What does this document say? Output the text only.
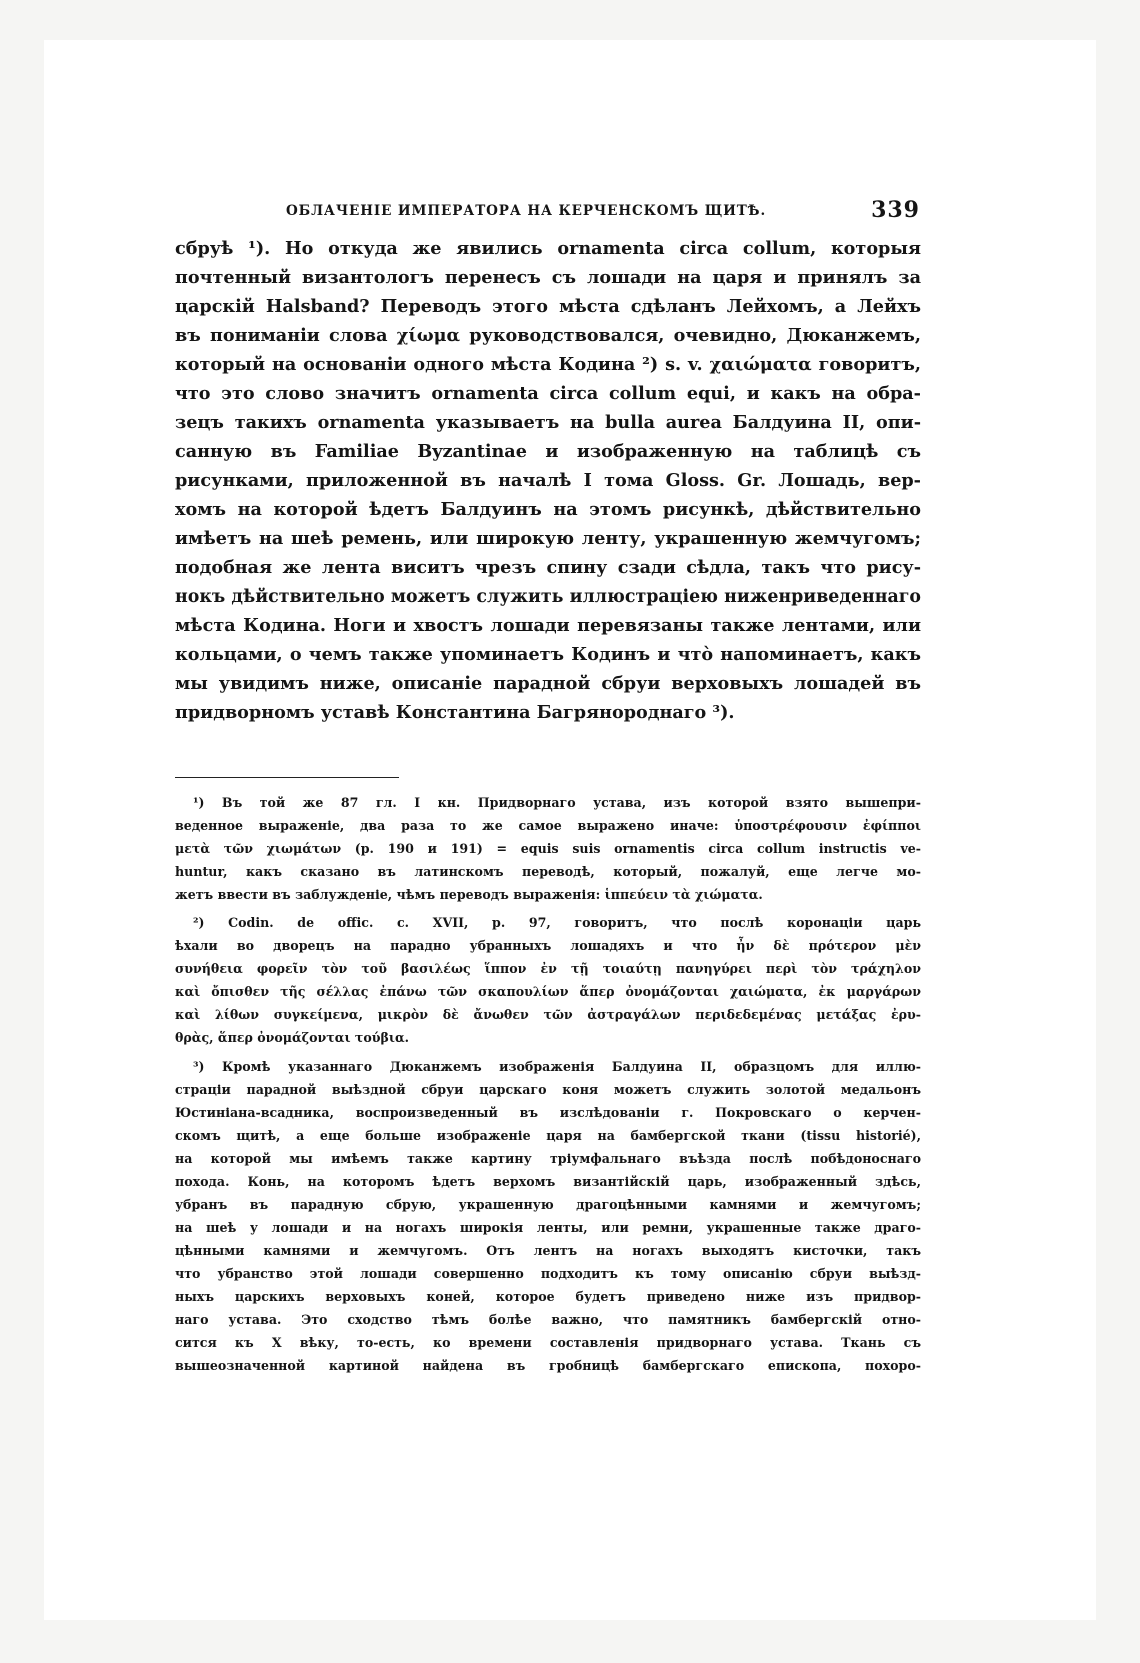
ОБЛАЧЕНІЕ ИМПЕРАТОРА НА КЕРЧЕНСКОМЪ ЩИТѢ.	339
сбруѣ ¹). Но откуда же явились ornamenta circa collum, которыя
почтенный византологъ перенесъ съ лошади на царя и принялъ за
царскій Halsband? Переводъ этого мѣста сдѣланъ Лейхомъ, а Лейхъ
въ пониманіи слова χίωμα руководствовался, очевидно, Дюканжемъ,
который на основаніи одного мѣста Кодина ²) s. v. χαιώματα говоритъ,
что это слово значитъ ornamenta circa collum equi, и какъ на обра-
зецъ такихъ ornamenta указываетъ на bulla aurea Балдуина II, опи-
санную въ Familiae Byzantinae и изображенную на таблицѣ съ
рисунками, приложенной въ началѣ I тома Gloss. Gr. Лошадь, вер-
хомъ на которой ѣдетъ Балдуинъ на этомъ рисункѣ, дѣйствительно
имѣетъ на шеѣ ремень, или широкую ленту, украшенную жемчугомъ;
подобная же лента виситъ чрезъ спину сзади сѣдла, такъ что рису-
нокъ дѣйствительно можетъ служить иллюстраціею ниженриведеннаго
мѣста Кодина. Ноги и хвостъ лошади перевязаны также лентами, или
кольцами, о чемъ также упоминаетъ Кодинъ и что̀ напоминаетъ, какъ
мы увидимъ ниже, описаніе парадной сбруи верховыхъ лошадей въ
придворномъ уставѣ Константина Багрянороднаго ³).
¹) Въ той же 87 гл. I кн. Придворнаго устава, изъ которой взято вышепри-
веденное выраженіе, два раза то же самое выражено иначе: ὑποστρέφουσιν ἐφίπποι
μετὰ τῶν χιωμάτων (p. 190 и 191) = equis suis ornamentis circa collum instructis ve-
huntur, какъ сказано въ латинскомъ переводѣ, который, пожалуй, еще легче мо-
жетъ ввести въ заблужденіе, чѣмъ переводъ выраженія: ἱππεύειν τὰ χιώματα.
²) Codin. de offic. c. XVII, p. 97, говоритъ, что послѣ коронаціи царь
ѣхали во дворецъ на парадно убранныхъ лошадяхъ и что ἦν δὲ πρότερον μὲν
συνήθεια φορεῖν τὸν τοῦ βασιλέως ἵππον ἐν τῇ τοιαύτῃ πανηγύρει περὶ τὸν τράχηλον
καὶ ὄπισθεν τῆς σέλλας ἐπάνω τῶν σκαπουλίων ἅπερ ὀνομάζονται χαιώματα, ἐκ μαργάρων
καὶ λίθων συγκείμενα, μικρὸν δὲ ἄνωθεν τῶν ἀστραγάλων περιδεδεμένας μετάξας ἐρυ-
θρὰς, ἅπερ ὀνομάζονται τούβια.
³) Кромѣ указаннаго Дюканжемъ изображенія Балдуина II, образцомъ для иллю-
страціи парадной выѣздной сбруи царскаго коня можетъ служить золотой медальонъ
Юстиніана-всадника, воспроизведенный въ изслѣдованіи г. Покровскаго о керчен-
скомъ щитѣ, а еще больше изображеніе царя на бамбергской ткани (tissu historié),
на которой мы имѣемъ также картину тріумфальнаго въѣзда послѣ побѣдоноснаго
похода. Конь, на которомъ ѣдетъ верхомъ византійскій царь, изображенный здѣсь,
убранъ въ парадную сбрую, украшенную драгоцѣнными камнями и жемчугомъ;
на шеѣ у лошади и на ногахъ широкія ленты, или ремни, украшенные также драго-
цѣнными камнями и жемчугомъ. Отъ лентъ на ногахъ выходятъ кисточки, такъ
что убранство этой лошади совершенно подходитъ къ тому описанію сбруи выѣзд-
ныхъ царскихъ верховыхъ коней, которое будетъ приведено ниже изъ придвор-
наго устава. Это сходство тѣмъ болѣе важно, что памятникъ бамбергскій отно-
сится къ X вѣку, то-есть, ко времени составленія придворнаго устава. Ткань съ
вышеозначенной картиной найдена въ гробницѣ бамбергскаго епископа, похоро-
